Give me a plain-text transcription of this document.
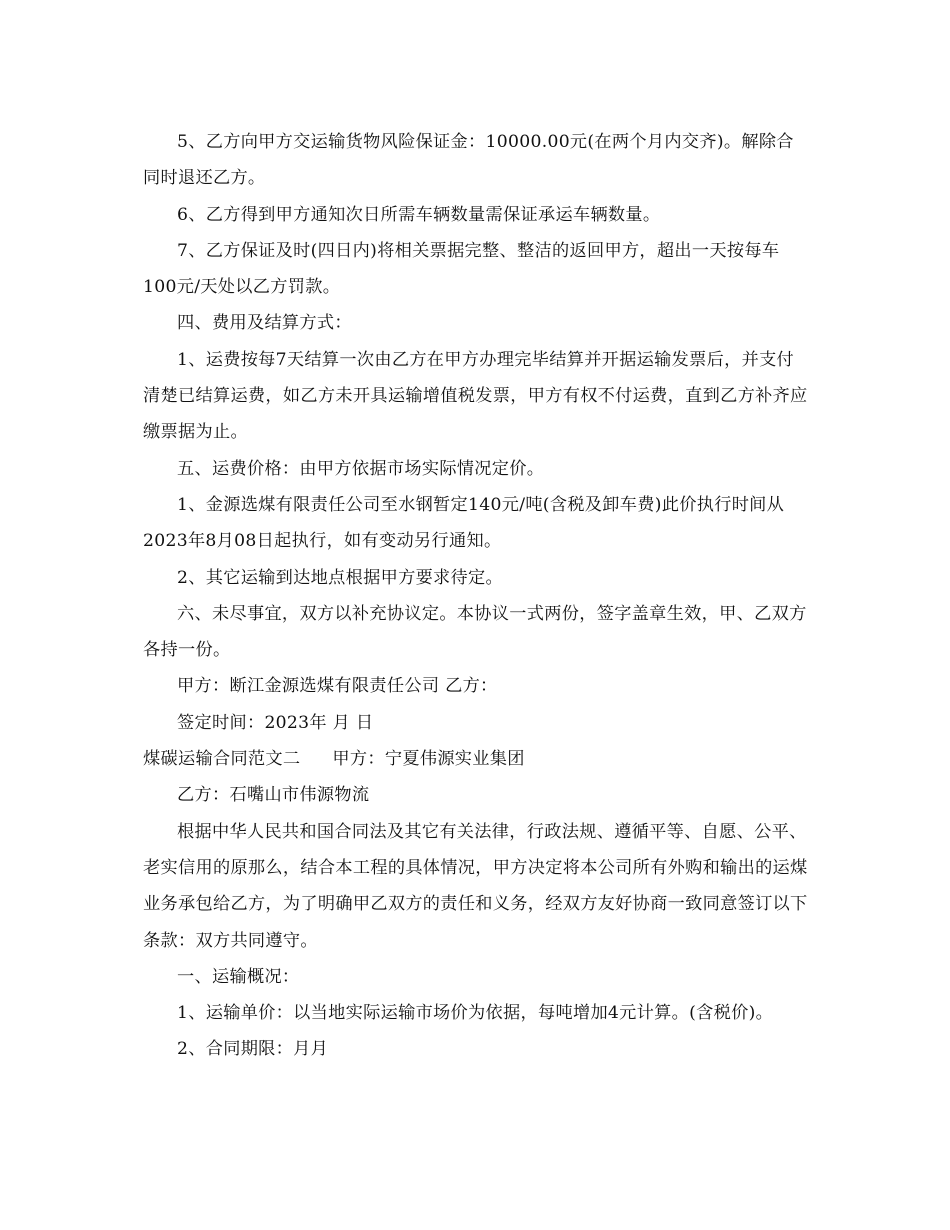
5、乙方向甲方交运输货物风险保证金：10000.00元(在两个月内交齐)。解除合同时退还乙方。

6、乙方得到甲方通知次日所需车辆数量需保证承运车辆数量。

7、乙方保证及时(四日内)将相关票据完整、整洁的返回甲方，超出一天按每车100元/天处以乙方罚款。

四、费用及结算方式：

1、运费按每7天结算一次由乙方在甲方办理完毕结算并开据运输发票后，并支付清楚已结算运费，如乙方未开具运输增值税发票，甲方有权不付运费，直到乙方补齐应缴票据为止。

五、运费价格：由甲方依据市场实际情况定价。

1、金源选煤有限责任公司至水钢暂定140元/吨(含税及卸车费)此价执行时间从2023年8月08日起执行，如有变动另行通知。

2、其它运输到达地点根据甲方要求待定。

六、未尽事宜，双方以补充协议定。本协议一式两份，签字盖章生效，甲、乙双方各持一份。

甲方：断江金源选煤有限责任公司 乙方：

签定时间：2023年 月 日

煤碳运输合同范文二 甲方：宁夏伟源实业集团

乙方：石嘴山市伟源物流

根据中华人民共和国合同法及其它有关法律，行政法规、遵循平等、自愿、公平、老实信用的原那么，结合本工程的具体情况，甲方决定将本公司所有外购和输出的运煤业务承包给乙方，为了明确甲乙双方的责任和义务，经双方友好协商一致同意签订以下条款：双方共同遵守。

一、运输概况：

1、运输单价：以当地实际运输市场价为依据，每吨增加4元计算。(含税价)。

2、合同期限：月月
